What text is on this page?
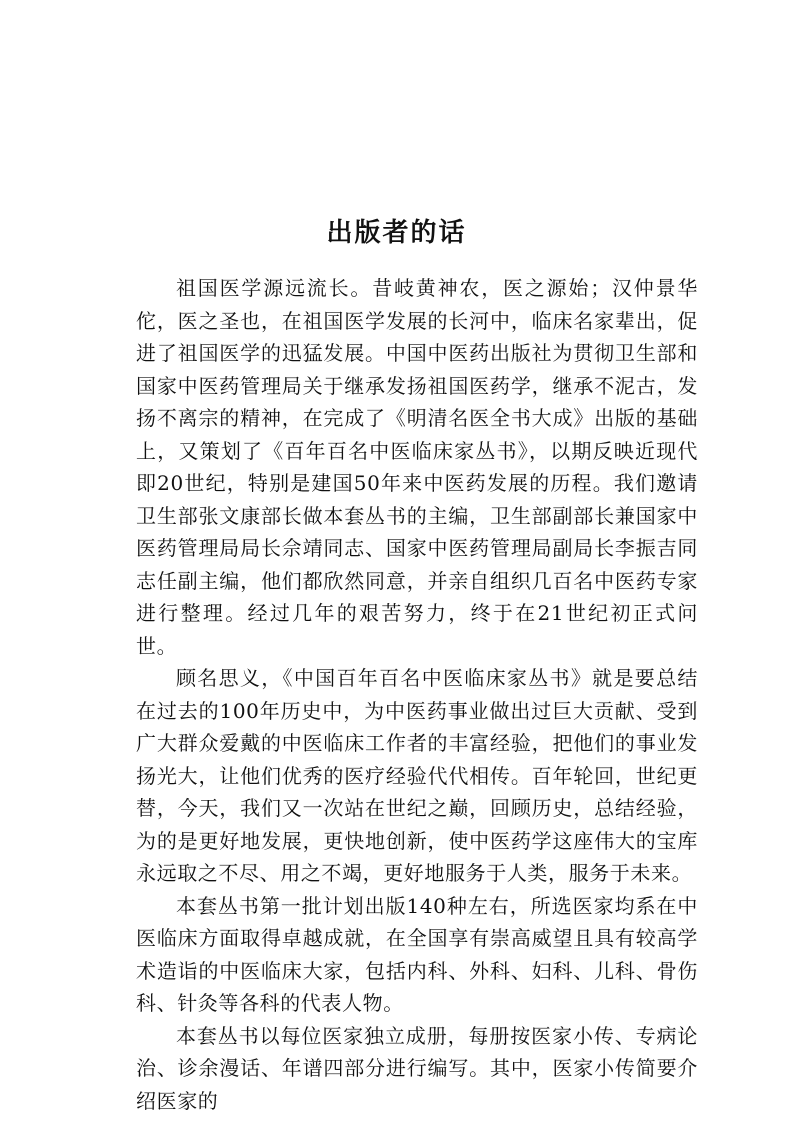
出版者的话

祖国医学源远流长。昔岐黄神农，医之源始；汉仲景华佗，医之圣也，在祖国医学发展的长河中，临床名家辈出，促进了祖国医学的迅猛发展。中国中医药出版社为贯彻卫生部和国家中医药管理局关于继承发扬祖国医药学，继承不泥古，发扬不离宗的精神，在完成了《明清名医全书大成》出版的基础上，又策划了《百年百名中医临床家丛书》，以期反映近现代即20世纪，特别是建国50年来中医药发展的历程。我们邀请卫生部张文康部长做本套丛书的主编，卫生部副部长兼国家中医药管理局局长佘靖同志、国家中医药管理局副局长李振吉同志任副主编，他们都欣然同意，并亲自组织几百名中医药专家进行整理。经过几年的艰苦努力，终于在21世纪初正式问世。

顾名思义，《中国百年百名中医临床家丛书》就是要总结在过去的100年历史中，为中医药事业做出过巨大贡献、受到广大群众爱戴的中医临床工作者的丰富经验，把他们的事业发扬光大，让他们优秀的医疗经验代代相传。百年轮回，世纪更替，今天，我们又一次站在世纪之巅，回顾历史，总结经验，为的是更好地发展，更快地创新，使中医药学这座伟大的宝库永远取之不尽、用之不竭，更好地服务于人类，服务于未来。

本套丛书第一批计划出版140种左右，所选医家均系在中医临床方面取得卓越成就，在全国享有崇高威望且具有较高学术造诣的中医临床大家，包括内科、外科、妇科、儿科、骨伤科、针灸等各科的代表人物。

本套丛书以每位医家独立成册，每册按医家小传、专病论治、诊余漫话、年谱四部分进行编写。其中，医家小传简要介绍医家的
